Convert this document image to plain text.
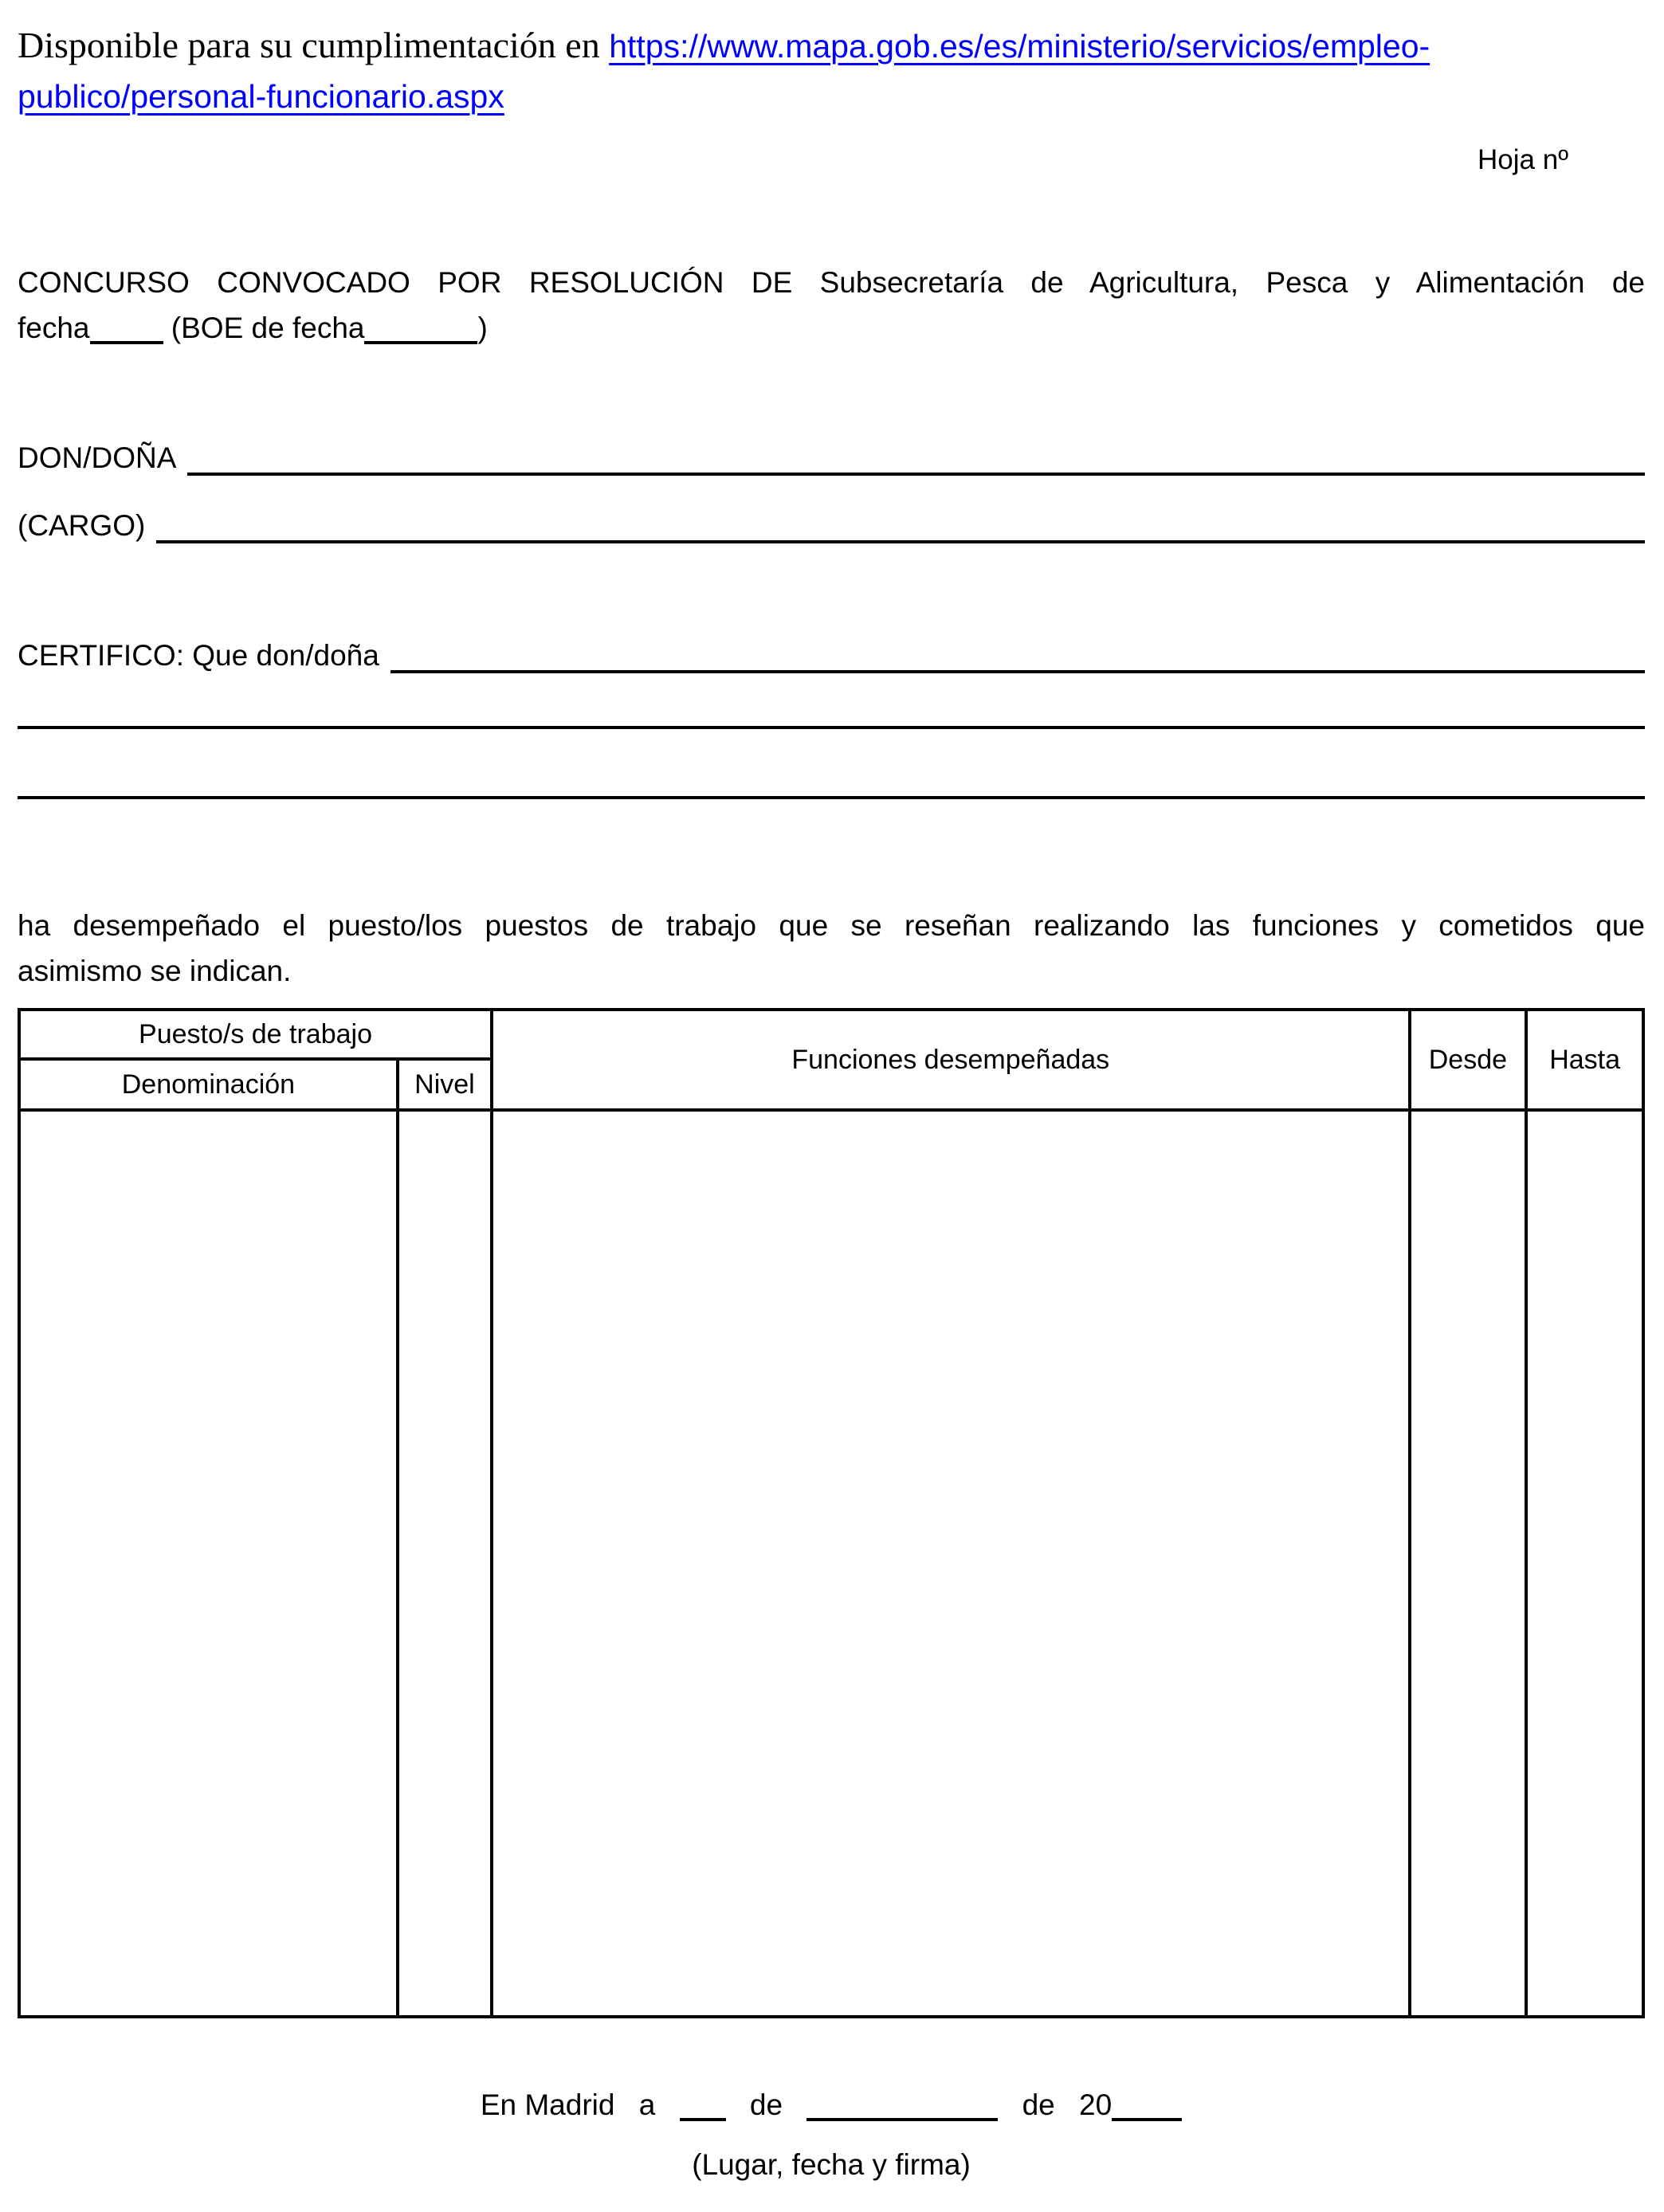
Disponible para su cumplimentación en https://www.mapa.gob.es/es/ministerio/servicios/empleo-
publico/personal-funcionario.aspx
Hoja nº
CONCURSO CONVOCADO POR RESOLUCIÓN DE Subsecretaría de Agricultura, Pesca y Alimentación de
fecha (BOE de fecha	)
DON/DOÑA
(CARGO)
CERTIFICO: Que don/doña
ha desempeñado el puesto/los puestos de trabajo que se reseñan realizando las funciones y cometidos que
asimismo se indican.
Puesto/s de trabajo		Funciones desempeñadas	Desde	Hasta
Denominación	Nivel			

En Madrid a	de	de 20
(Lugar, fecha y firma)
